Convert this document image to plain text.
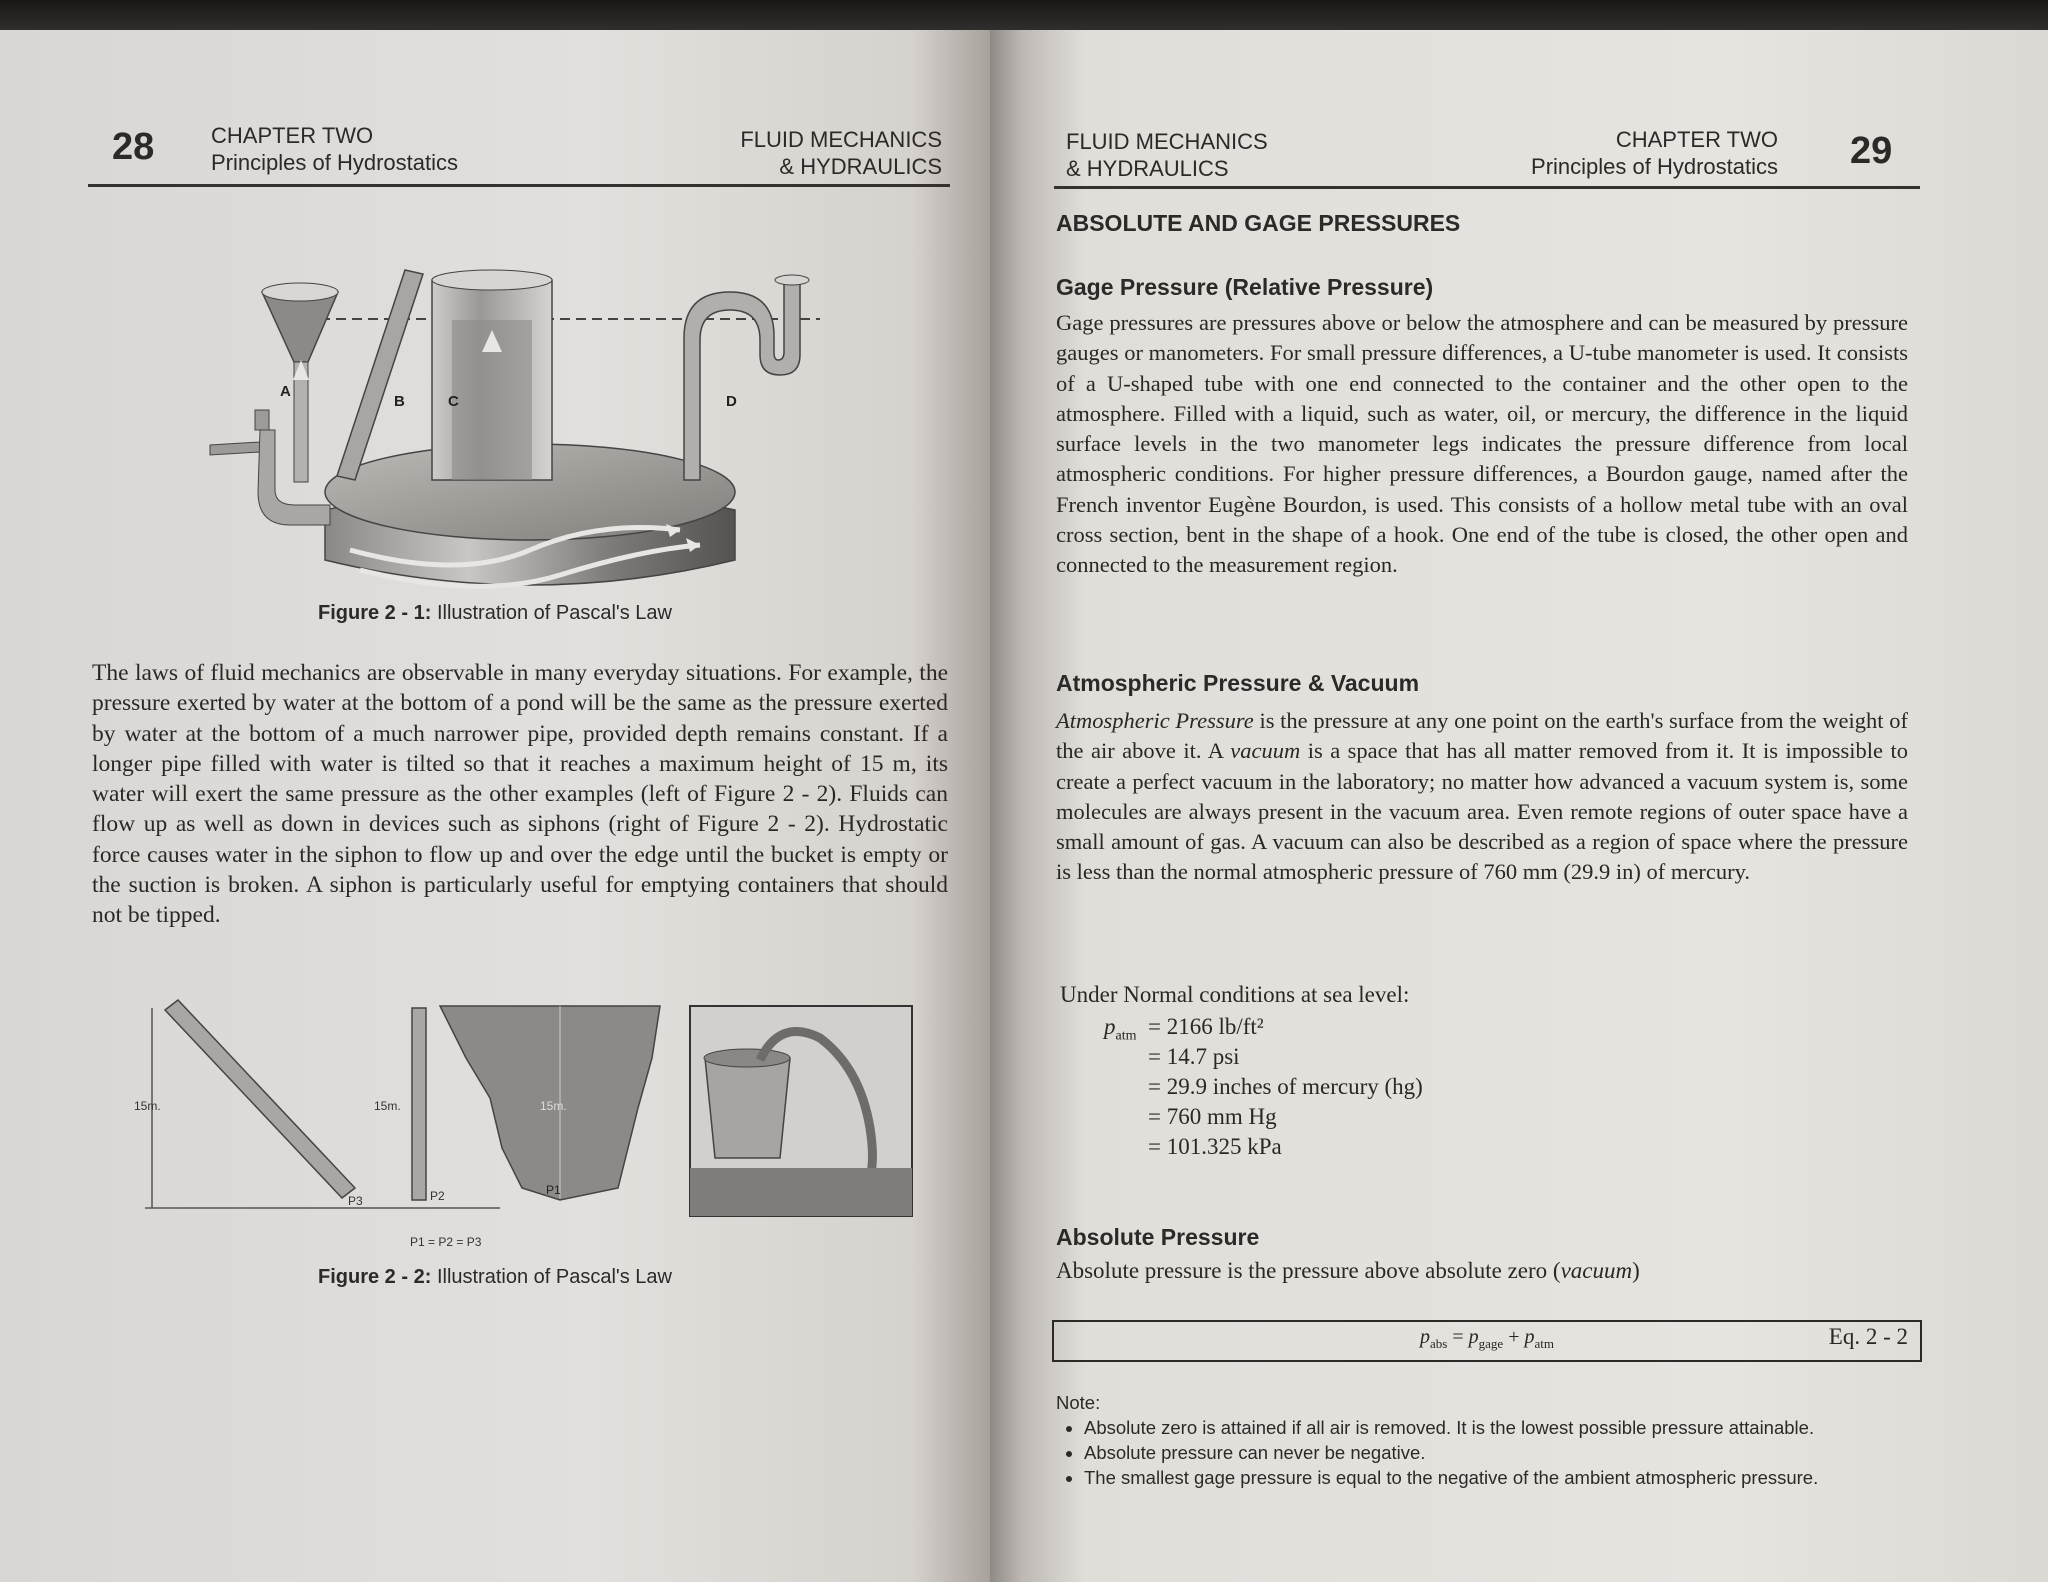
28	CHAPTER TWO
Principles of Hydrostatics
FLUID MECHANICS
& HYDRAULICS
A
B	C	D
Figure 2 - 1: Illustration of Pascal's Law
The laws of fluid mechanics are observable in many everyday situations. For example, the pressure exerted by water at the bottom of a pond will be the same as the pressure exerted by water at the bottom of a much narrower pipe, provided depth remains constant. If a longer pipe filled with water is tilted so that it reaches a maximum height of 15 m, its water will exert the same pressure as the other examples (left of Figure 2 - 2). Fluids can flow up as well as down in devices such as siphons (right of Figure 2 - 2). Hydrostatic force causes water in the siphon to flow up and over the edge until the bucket is empty or the suction is broken. A siphon is particularly useful for emptying containers that should not be tipped.
15m.
P3
15m.
P2
15m.
P1
P1 = P2 = P3
Figure 2 - 2: Illustration of Pascal's Law
FLUID MECHANICS
& HYDRAULICS
CHAPTER TWO
Principles of Hydrostatics 29
ABSOLUTE AND GAGE PRESSURES
Gage Pressure (Relative Pressure)
Gage pressures are pressures above or below the atmosphere and can be measured by pressure gauges or manometers. For small pressure differences, a U-tube manometer is used. It consists of a U-shaped tube with one end connected to the container and the other open to the atmosphere. Filled with a liquid, such as water, oil, or mercury, the difference in the liquid surface levels in the two manometer legs indicates the pressure difference from local atmospheric conditions. For higher pressure differences, a Bourdon gauge, named after the French inventor Eugène Bourdon, is used. This consists of a hollow metal tube with an oval cross section, bent in the shape of a hook. One end of the tube is closed, the other open and connected to the measurement region.
Atmospheric Pressure & Vacuum
Atmospheric Pressure is the pressure at any one point on the earth's surface from the weight of the air above it. A vacuum is a space that has all matter removed from it. It is impossible to create a perfect vacuum in the laboratory; no matter how advanced a vacuum system is, some molecules are always present in the vacuum area. Even remote regions of outer space have a small amount of gas. A vacuum can also be described as a region of space where the pressure is less than the normal atmospheric pressure of 760 mm (29.9 in) of mercury.
Under Normal conditions at sea level:
$p_{atm} = 2166$ lb/ft²
= 14.7 psi
= 29.9 inches of mercury (hg)
= 760 mm Hg
= 101.325 kPa
Absolute Pressure
Absolute pressure is the pressure above absolute zero (vacuum)
$p_{abs} = p_{gage} + p_{atm}$	Eq. 2 - 2
Note:
• Absolute zero is attained if all air is removed. It is the lowest possible pressure attainable.
• Absolute pressure can never be negative.
• The smallest gage pressure is equal to the negative of the ambient atmospheric pressure.
